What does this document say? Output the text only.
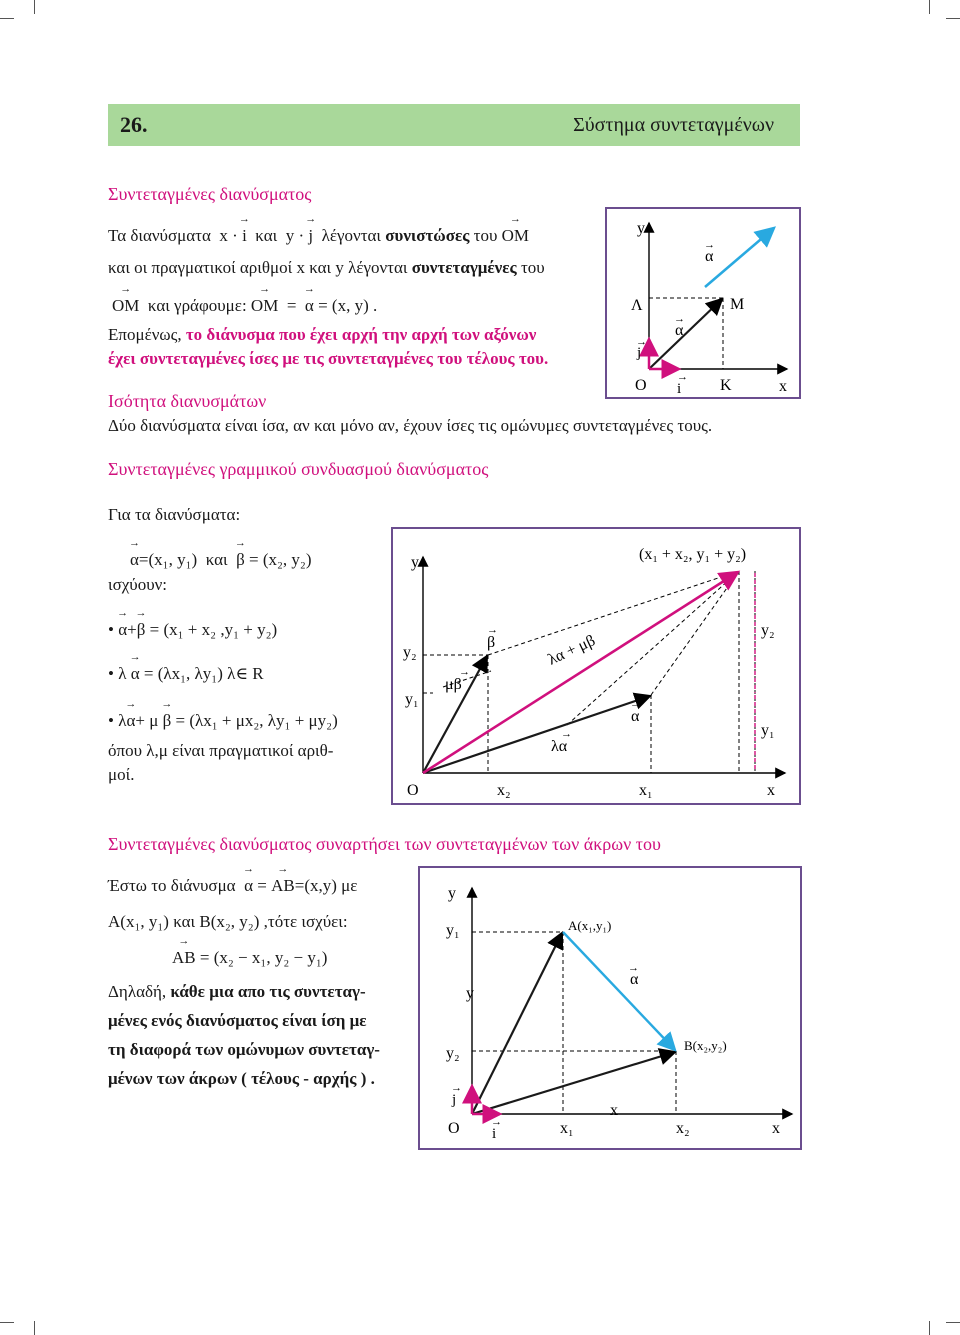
26.	Σύστημα συντεταγμένων
Συντεταγμένες διανύσματος
Τα διανύσματα x · → i και y · → j λέγονται συνιστώσες του → ΟΜ
και οι πραγματικοί αριθμοί x και y λέγονται συντεταγμένες του
→ ΟΜ και γράφουμε: → ΟΜ = → α = (x, y) .
Επομένως, το διάνυσμα που έχει αρχή την αρχή των αξόνων
έχει συντεταγμένες ίσες με τις συντεταγμένες του τέλους του.
y
x
O	K
M
Λ
i
j
α
α
→
→
→
→
Ισότητα διανυσμάτων
Δύο διανύσματα είναι ίσα, αν και μόνο αν, έχουν ίσες τις ομώνυμες συντεταγμένες τους.
Συντεταγμένες γραμμικού συνδυασμού διανύσματος
Για τα διανύσματα:
→ α=(x₁, y₁) και → β = (x₂, y₂)
ισχύουν:
• → α+→ β = (x₁ + x₂ ,y₁ + y₂)
• λ → α = (λx₁, λy₁) λ∈ R
• λ→ α+ μ → β = (λx₁ + μx₂, λy₁ + μy₂)
όπου λ,μ είναι πραγματικοί αριθ-
μοί.
y
x
O
y₂
y₁
x₂	x₁
β
μβ
λα
α
λα + μβ
(x₁ + x₂, y₁ + y₂)
y₂
y₁
→
→
→
→
Συντεταγμένες διανύσματος συναρτήσει των συντεταγμένων των άκρων του
Έστω το διάνυσμα → α = → AB=(x,y) με
A(x₁, y₁) και B(x₂, y₂) ,τότε ισχύει:
→ AB = (x₂ − x₁, y₂ − y₁)
Δηλαδή, κάθε μια απο τις συντεταγ-
μένες ενός διανύσματος είναι ίση με
τη διαφορά των ομώνυμων συντεταγ-
μένων των άκρων ( τέλους - αρχής ) .
y
y₁
y
y₂
j
O i	x₁
x
x₂	x
A(x₁,y₁)
B(x₂,y₂)
α
→
→
→
